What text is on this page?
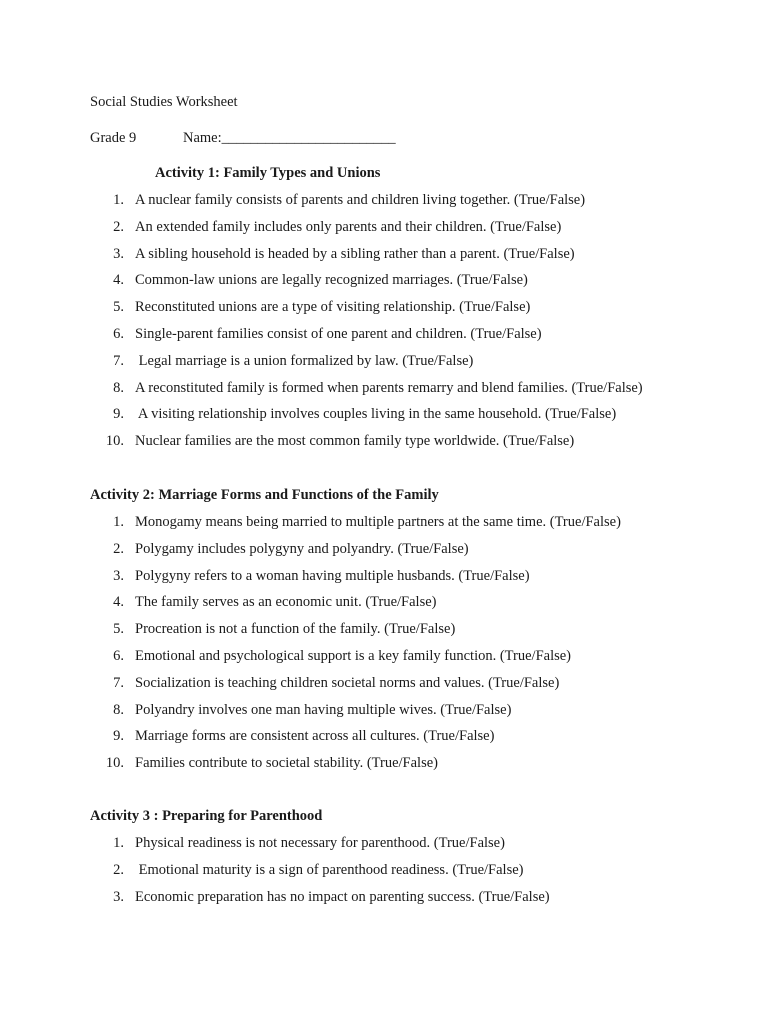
Social Studies Worksheet
Grade 9	Name:________________________
Activity 1: Family Types and Unions
1. A nuclear family consists of parents and children living together. (True/False)
2. An extended family includes only parents and their children. (True/False)
3. A sibling household is headed by a sibling rather than a parent. (True/False)
4. Common-law unions are legally recognized marriages. (True/False)
5. Reconstituted unions are a type of visiting relationship. (True/False)
6. Single-parent families consist of one parent and children. (True/False)
7. Legal marriage is a union formalized by law. (True/False)
8. A reconstituted family is formed when parents remarry and blend families. (True/False)
9. A visiting relationship involves couples living in the same household. (True/False)
10. Nuclear families are the most common family type worldwide. (True/False)
Activity 2: Marriage Forms and Functions of the Family
1. Monogamy means being married to multiple partners at the same time. (True/False)
2. Polygamy includes polygyny and polyandry. (True/False)
3. Polygyny refers to a woman having multiple husbands. (True/False)
4. The family serves as an economic unit. (True/False)
5. Procreation is not a function of the family. (True/False)
6. Emotional and psychological support is a key family function. (True/False)
7. Socialization is teaching children societal norms and values. (True/False)
8. Polyandry involves one man having multiple wives. (True/False)
9. Marriage forms are consistent across all cultures. (True/False)
10. Families contribute to societal stability. (True/False)
Activity 3 : Preparing for Parenthood
1. Physical readiness is not necessary for parenthood. (True/False)
2. Emotional maturity is a sign of parenthood readiness. (True/False)
3. Economic preparation has no impact on parenting success. (True/False)
